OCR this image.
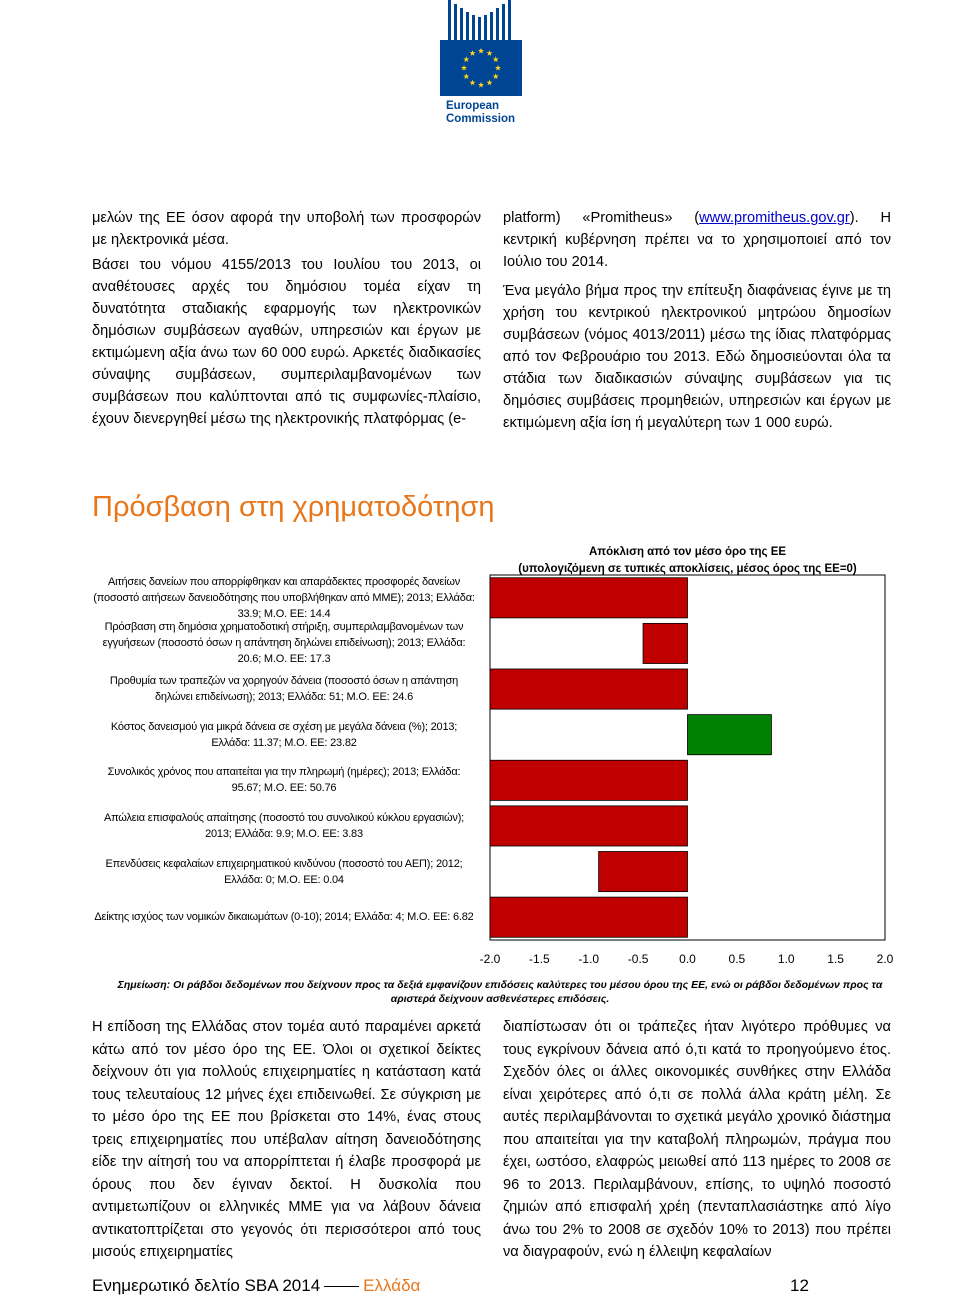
European
Commission

μελών της ΕΕ όσον αφορά την υποβολή των προσφορών με ηλεκτρονικά μέσα.

Βάσει του νόμου 4155/2013 του Ιουλίου του 2013, οι αναθέτουσες αρχές του δημόσιου τομέα είχαν τη δυνατότητα σταδιακής εφαρμογής των ηλεκτρονικών δημόσιων συμβάσεων αγαθών, υπηρεσιών και έργων με εκτιμώμενη αξία άνω των 60 000 ευρώ. Αρκετές διαδικασίες σύναψης συμβάσεων, συμπεριλαμβανομένων των συμβάσεων που καλύπτονται από τις συμφωνίες-πλαίσιο, έχουν διενεργηθεί μέσω της ηλεκτρονικής πλατφόρμας (e-

platform) «Promitheus» (www.promitheus.gov.gr). Η κεντρική κυβέρνηση πρέπει να το χρησιμοποιεί από τον Ιούλιο του 2014.

Ένα μεγάλο βήμα προς την επίτευξη διαφάνειας έγινε με τη χρήση του κεντρικού ηλεκτρονικού μητρώου δημοσίων συμβάσεων (νόμος 4013/2011) μέσω της ίδιας πλατφόρμας από τον Φεβρουάριο του 2013. Εδώ δημοσιεύονται όλα τα στάδια των διαδικασιών σύναψης συμβάσεων για τις δημόσιες συμβάσεις προμηθειών, υπηρεσιών και έργων με εκτιμώμενη αξία ίση ή μεγαλύτερη των 1 000 ευρώ.

Πρόσβαση στη χρηματοδότηση
Απόκλιση από τον μέσο όρο της ΕΕ
(υπολογιζόμενη σε τυπικές αποκλίσεις, μέσος όρος της ΕΕ=0)
Αιτήσεις δανείων που απορρίφθηκαν και απαράδεκτες προσφορές δανείων (ποσοστό αιτήσεων δανειοδότησης που υποβλήθηκαν από ΜΜΕ); 2013; Ελλάδα: 33.9; Μ.Ο. ΕΕ: 14.4
Πρόσβαση στη δημόσια χρηματοδοτική στήριξη, συμπεριλαμβανομένων των εγγυήσεων (ποσοστό όσων η απάντηση δηλώνει επιδείνωση); 2013; Ελλάδα: 20.6; Μ.Ο. ΕΕ: 17.3
Προθυμία των τραπεζών να χορηγούν δάνεια (ποσοστό όσων η απάντηση δηλώνει επιδείνωση); 2013; Ελλάδα: 51; Μ.Ο. ΕΕ: 24.6
Κόστος δανεισμού για μικρά δάνεια σε σχέση με μεγάλα δάνεια (%); 2013; Ελλάδα: 11.37; Μ.Ο. ΕΕ: 23.82
Συνολικός χρόνος που απαιτείται για την πληρωμή (ημέρες); 2013; Ελλάδα: 95.67; Μ.Ο. ΕΕ: 50.76
Απώλεια επισφαλούς απαίτησης (ποσοστό του συνολικού κύκλου εργασιών); 2013; Ελλάδα: 9.9; Μ.Ο. ΕΕ: 3.83
Επενδύσεις κεφαλαίων επιχειρηματικού κινδύνου (ποσοστό του ΑΕΠ); 2012; Ελλάδα: 0; Μ.Ο. ΕΕ: 0.04
Δείκτης ισχύος των νομικών δικαιωμάτων (0-10); 2014; Ελλάδα: 4; Μ.Ο. ΕΕ: 6.82
-2.0	-1.5	-1.0	-0.5	0.0	0.5	1.0	1.5	2.0
Σημείωση: Οι ράβδοι δεδομένων που δείχνουν προς τα δεξιά εμφανίζουν επιδόσεις καλύτερες του μέσου όρου της ΕΕ, ενώ οι ράβδοι δεδομένων προς τα αριστερά δείχνουν ασθενέστερες επιδόσεις.
Η επίδοση της Ελλάδας στον τομέα αυτό παραμένει αρκετά κάτω από τον μέσο όρο της ΕΕ. Όλοι οι σχετικοί δείκτες δείχνουν ότι για πολλούς επιχειρηματίες η κατάσταση κατά τους τελευταίους 12 μήνες έχει επιδεινωθεί. Σε σύγκριση με το μέσο όρο της ΕΕ που βρίσκεται στο 14%, ένας στους τρεις επιχειρηματίες που υπέβαλαν αίτηση δανειοδότησης είδε την αίτησή του να απορρίπτεται ή έλαβε προσφορά με όρους που δεν έγιναν δεκτοί. Η δυσκολία που αντιμετωπίζουν οι ελληνικές ΜΜΕ για να λάβουν δάνεια αντικατοπτρίζεται στο γεγονός ότι περισσότεροι από τους μισούς επιχειρηματίες
διαπίστωσαν ότι οι τράπεζες ήταν λιγότερο πρόθυμες να τους εγκρίνουν δάνεια από ό,τι κατά το προηγούμενο έτος. Σχεδόν όλες οι άλλες οικονομικές συνθήκες στην Ελλάδα είναι χειρότερες από ό,τι σε πολλά άλλα κράτη μέλη. Σε αυτές περιλαμβάνονται το σχετικά μεγάλο χρονικό διάστημα που απαιτείται για την καταβολή πληρωμών, πράγμα που έχει, ωστόσο, ελαφρώς μειωθεί από 113 ημέρες το 2008 σε 96 το 2013. Περιλαμβάνουν, επίσης, το υψηλό ποσοστό ζημιών από επισφαλή χρέη (πενταπλασιάστηκε από λίγο άνω του 2% το 2008 σε σχεδόν 10% το 2013) που πρέπει να διαγραφούν, ενώ η έλλειψη κεφαλαίων
Ενημερωτικό δελτίο SBA 2014	Ελλάδα	12
